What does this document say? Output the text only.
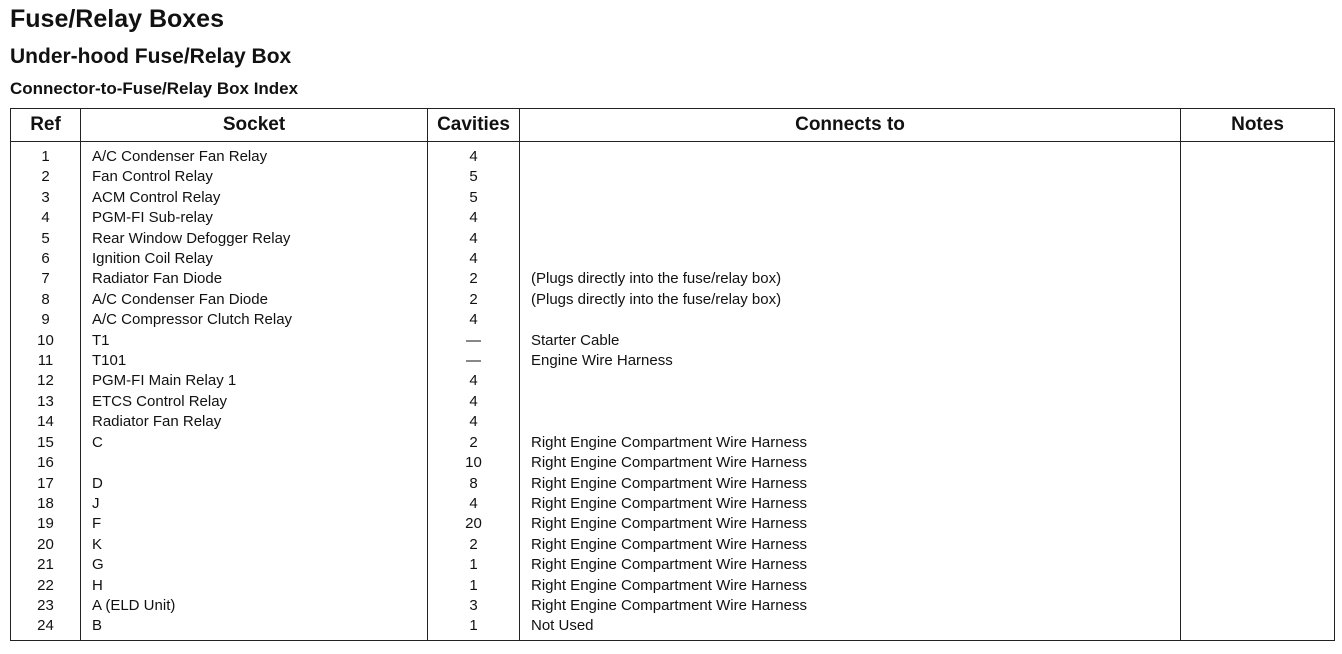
Fuse/Relay Boxes
Under-hood Fuse/Relay Box
Connector-to-Fuse/Relay Box Index
Ref	Socket	Cavities	Connects to	Notes
1	A/C Condenser Fan Relay	4		
2	Fan Control Relay	5		
3	ACM Control Relay	5		
4	PGM-FI Sub-relay	4		
5	Rear Window Defogger Relay	4		
6	Ignition Coil Relay	4		
7	Radiator Fan Diode	2	(Plugs directly into the fuse/relay box)	
8	A/C Condenser Fan Diode	2	(Plugs directly into the fuse/relay box)	
9	A/C Compressor Clutch Relay	4		
10	T1	—	Starter Cable	
11	T101	—	Engine Wire Harness	
12	PGM-FI Main Relay 1	4		
13	ETCS Control Relay	4		
14	Radiator Fan Relay	4		
15	C	2	Right Engine Compartment Wire Harness	
16		10	Right Engine Compartment Wire Harness	
17	D	8	Right Engine Compartment Wire Harness	
18	J	4	Right Engine Compartment Wire Harness	
19	F	20	Right Engine Compartment Wire Harness	
20	K	2	Right Engine Compartment Wire Harness	
21	G	1	Right Engine Compartment Wire Harness	
22	H	1	Right Engine Compartment Wire Harness	
23	A (ELD Unit)	3	Right Engine Compartment Wire Harness	
24	B	1	Not Used	
